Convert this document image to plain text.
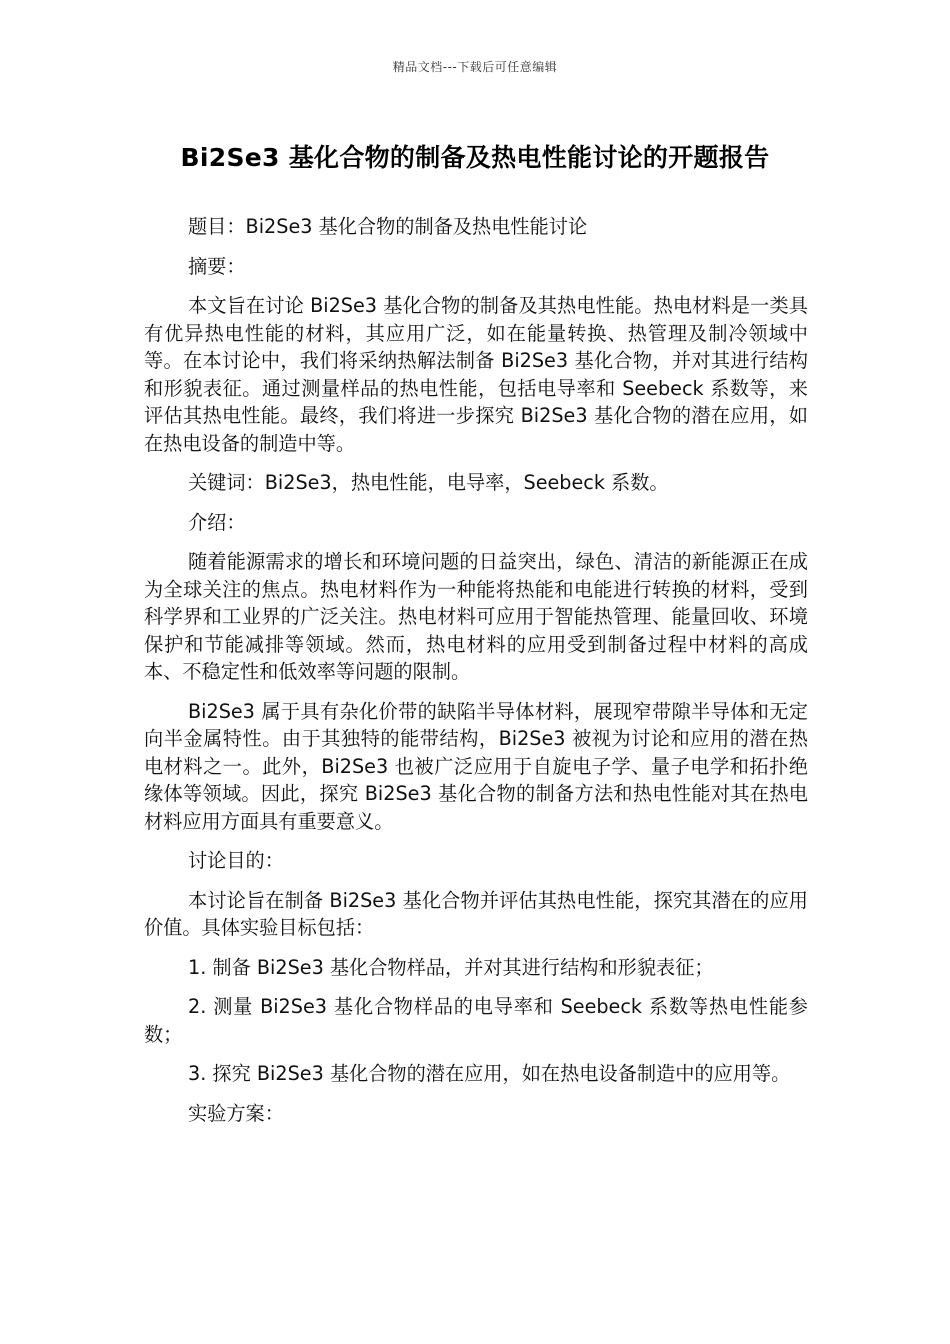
精品文档---下载后可任意编辑
Bi2Se3 基化合物的制备及热电性能讨论的开题报告

题目：Bi2Se3 基化合物的制备及热电性能讨论

摘要：

本文旨在讨论 Bi2Se3 基化合物的制备及其热电性能。热电材料是一类具有优异热电性能的材料，其应用广泛，如在能量转换、热管理及制冷领域中等。在本讨论中，我们将采纳热解法制备 Bi2Se3 基化合物，并对其进行结构和形貌表征。通过测量样品的热电性能，包括电导率和 Seebeck 系数等，来评估其热电性能。最终，我们将进一步探究 Bi2Se3 基化合物的潜在应用，如在热电设备的制造中等。

关键词：Bi2Se3，热电性能，电导率，Seebeck 系数。

介绍：

随着能源需求的增长和环境问题的日益突出，绿色、清洁的新能源正在成为全球关注的焦点。热电材料作为一种能将热能和电能进行转换的材料，受到科学界和工业界的广泛关注。热电材料可应用于智能热管理、能量回收、环境保护和节能减排等领域。然而，热电材料的应用受到制备过程中材料的高成本、不稳定性和低效率等问题的限制。

Bi2Se3 属于具有杂化价带的缺陷半导体材料，展现窄带隙半导体和无定向半金属特性。由于其独特的能带结构，Bi2Se3 被视为讨论和应用的潜在热电材料之一。此外，Bi2Se3 也被广泛应用于自旋电子学、量子电学和拓扑绝缘体等领域。因此，探究 Bi2Se3 基化合物的制备方法和热电性能对其在热电材料应用方面具有重要意义。

讨论目的：

本讨论旨在制备 Bi2Se3 基化合物并评估其热电性能，探究其潜在的应用价值。具体实验目标包括：

1. 制备 Bi2Se3 基化合物样品，并对其进行结构和形貌表征；

2. 测量 Bi2Se3 基化合物样品的电导率和 Seebeck 系数等热电性能参数；

3. 探究 Bi2Se3 基化合物的潜在应用，如在热电设备制造中的应用等。

实验方案：
